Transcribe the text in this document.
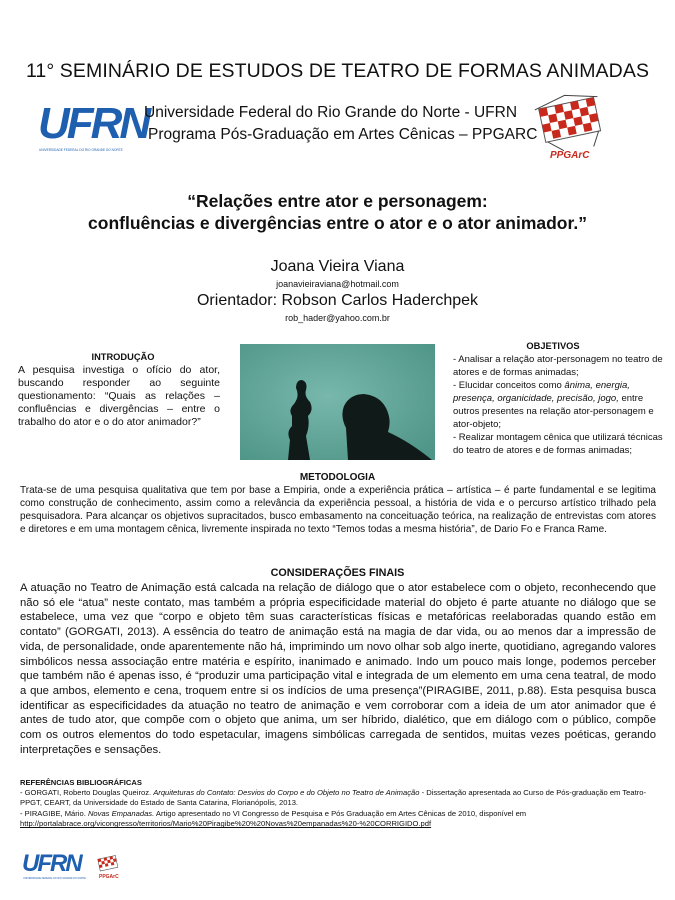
11° SEMINÁRIO DE ESTUDOS DE TEATRO DE FORMAS ANIMADAS
UFRN
UNIVERSIDADE FEDERAL DO RIO GRANDE DO NORTE
Universidade Federal do Rio Grande do Norte - UFRN
Programa Pós-Graduação em Artes Cênicas – PPGARC
PPGArC
“Relações entre ator e personagem:
confluências e divergências entre o ator e o ator animador.”
Joana Vieira Viana
joanavieiraviana@hotmail.com
Orientador: Robson Carlos Haderchpek
rob_hader@yahoo.com.br
INTRODUÇÃO
A pesquisa investiga o ofício do ator, buscando responder ao seguinte questionamento: “Quais as relações – confluências e divergências – entre o trabalho do ator e o do ator animador?”
OBJETIVOS
- Analisar a relação ator-personagem no teatro de atores e de formas animadas;
- Elucidar conceitos como ânima, energia, presença, organicidade, precisão, jogo, entre outros presentes na relação ator-personagem e ator-objeto;
- Realizar montagem cênica que utilizará técnicas do teatro de atores e de formas animadas;
METODOLOGIA
Trata-se de uma pesquisa qualitativa que tem por base a Empiria, onde a experiência prática – artística – é parte fundamental e se legitima como construção de conhecimento, assim como a relevância da experiência pessoal, a história de vida e o percurso artístico trilhado pela pesquisadora. Para alcançar os objetivos supracitados, busco embasamento na conceituação teórica, na realização de entrevistas com atores e diretores e em uma montagem cênica, livremente inspirada no texto “Temos todas a mesma história”, de Dario Fo e Franca Rame.
CONSIDERAÇÕES FINAIS
A atuação no Teatro de Animação está calcada na relação de diálogo que o ator estabelece com o objeto, reconhecendo que não só ele “atua” neste contato, mas também a própria especificidade material do objeto é parte atuante no diálogo que se estabelece, uma vez que “corpo e objeto têm suas características físicas e metafóricas reelaboradas quando estão em contato” (GORGATI, 2013). A essência do teatro de animação está na magia de dar vida, ou ao menos dar a impressão de vida, de personalidade, onde aparentemente não há, imprimindo um novo olhar sob algo inerte, quotidiano, agregando valores simbólicos nessa associação entre matéria e espírito, inanimado e animado. Indo um pouco mais longe, podemos perceber que também não é apenas isso, é “produzir uma participação vital e integrada de um elemento em uma cena teatral, de modo a que ambos, elemento e cena, troquem entre si os indícios de uma presença”(PIRAGIBE, 2011, p.88). Esta pesquisa busca identificar as especificidades da atuação no teatro de animação e vem corroborar com a ideia de um ator animador que é antes de tudo ator, que compõe com o objeto que anima, um ser híbrido, dialético, que em diálogo com o público, compõe com os outros elementos do todo espetacular, imagens simbólicas carregada de sentidos, muitas vezes poéticas, gerando interpretações e sensações.
REFERÊNCIAS BIBLIOGRÁFICAS
- GORGATI, Roberto Douglas Queiroz. Arquiteturas do Contato: Desvios do Corpo e do Objeto no Teatro de Animação - Dissertação apresentada ao Curso de Pós-graduação em Teatro- PPGT, CEART, da Universidade do Estado de Santa Catarina, Florianópolis, 2013.
- PIRAGIBE, Mário. Novas Empanadas. Artigo apresentado no VI Congresso de Pesquisa e Pós Graduação em Artes Cênicas de 2010, disponível em
http://portalabrace.org/vicongresso/territorios/Mario%20Piragibe%20%20Novas%20empanadas%20-%20CORRIGIDO.pdf
UFRN
UNIVERSIDADE FEDERAL DO RIO GRANDE DO NORTE	PPGArC
